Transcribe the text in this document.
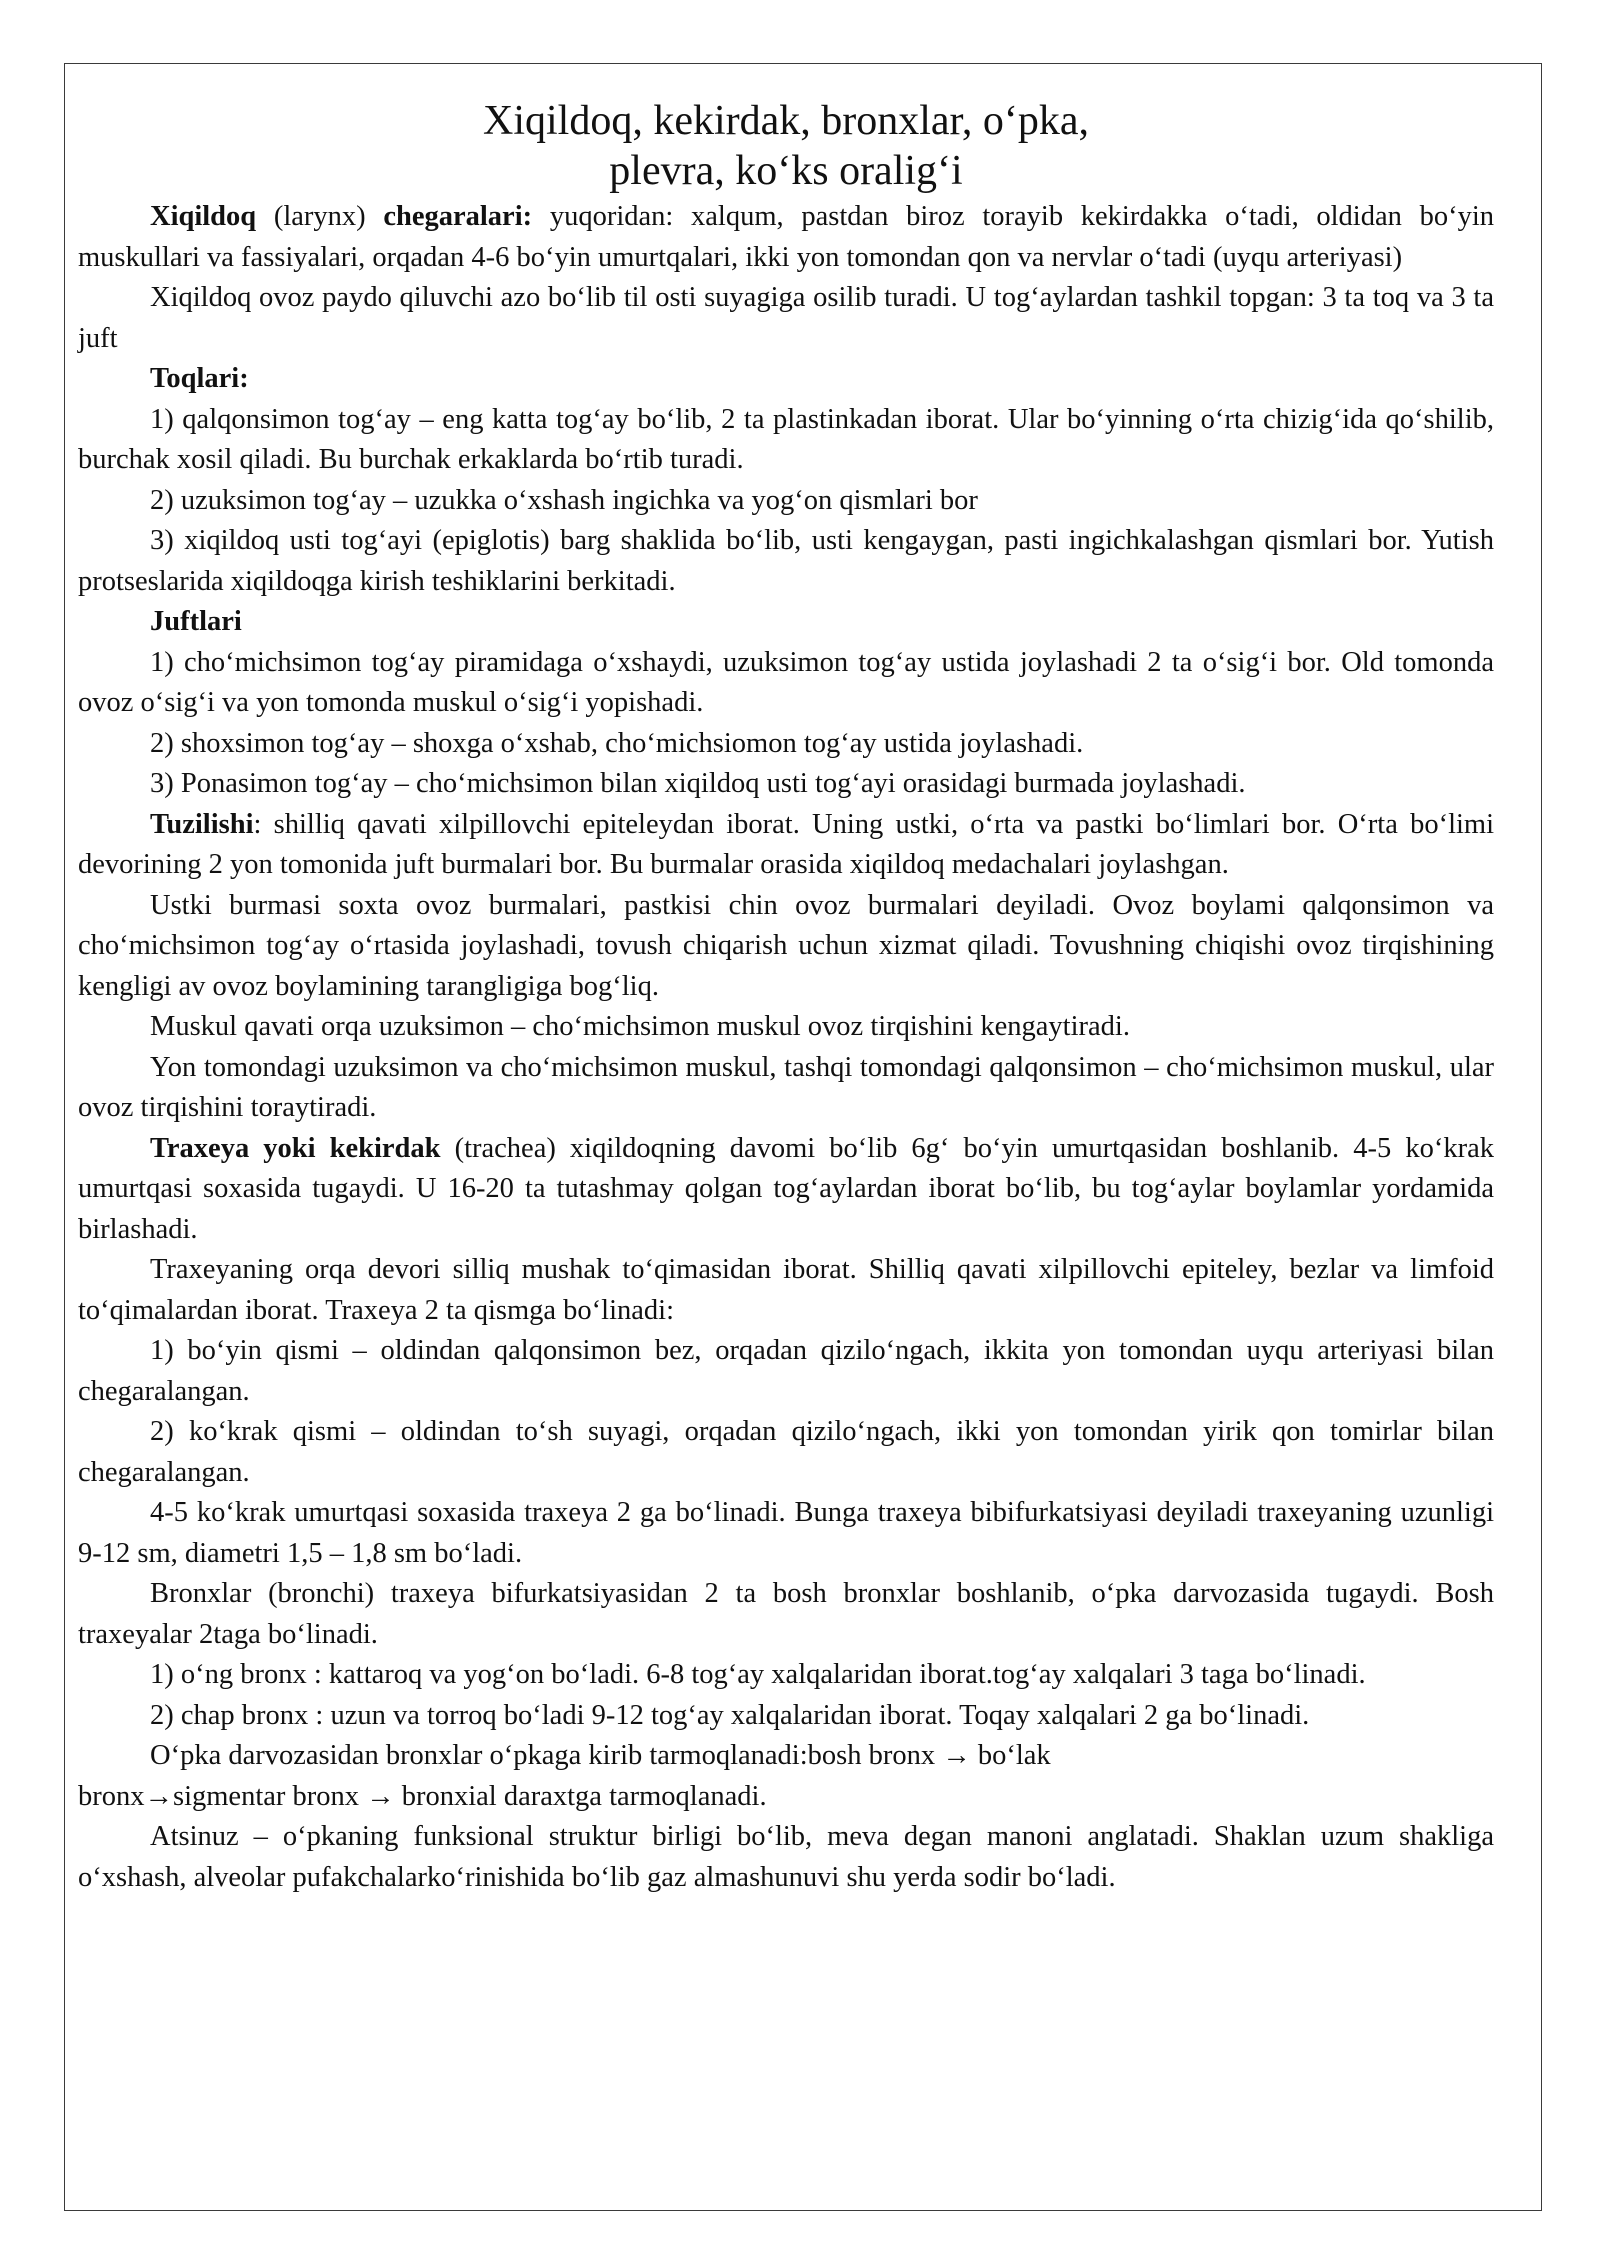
Xiqildoq, kekirdak, bronxlar, o‘pka,
plevra, ko‘ks oralig‘i

Xiqildoq (larynx) chegaralari: yuqoridan: xalqum, pastdan biroz torayib kekirdakka o‘tadi, oldidan bo‘yin muskullari va fassiyalari, orqadan 4-6 bo‘yin umurtqalari, ikki yon tomondan qon va nervlar o‘tadi (uyqu arteriyasi)

Xiqildoq ovoz paydo qiluvchi azo bo‘lib til osti suyagiga osilib turadi. U tog‘aylardan tashkil topgan: 3 ta toq va 3 ta juft

Toqlari:

1) qalqonsimon tog‘ay – eng katta tog‘ay bo‘lib, 2 ta plastinkadan iborat. Ular bo‘yinning o‘rta chizig‘ida qo‘shilib, burchak xosil qiladi. Bu burchak erkaklarda bo‘rtib turadi.

2) uzuksimon tog‘ay – uzukka o‘xshash ingichka va yog‘on qismlari bor

3) xiqildoq usti tog‘ayi (epiglotis) barg shaklida bo‘lib, usti kengaygan, pasti ingichkalashgan qismlari bor. Yutish protseslarida xiqildoqga kirish teshiklarini berkitadi.

Juftlari

1) cho‘michsimon tog‘ay piramidaga o‘xshaydi, uzuksimon tog‘ay ustida joylashadi 2 ta o‘sig‘i bor. Old tomonda ovoz o‘sig‘i va yon tomonda muskul o‘sig‘i yopishadi.

2) shoxsimon tog‘ay – shoxga o‘xshab, cho‘michsiomon tog‘ay ustida joylashadi.

3) Ponasimon tog‘ay – cho‘michsimon bilan xiqildoq usti tog‘ayi orasidagi burmada joylashadi.

Tuzilishi: shilliq qavati xilpillovchi epiteleydan iborat. Uning ustki, o‘rta va pastki bo‘limlari bor. O‘rta bo‘limi devorining 2 yon tomonida juft burmalari bor. Bu burmalar orasida xiqildoq medachalari joylashgan.

Ustki burmasi soxta ovoz burmalari, pastkisi chin ovoz burmalari deyiladi. Ovoz boylami qalqonsimon va cho‘michsimon tog‘ay o‘rtasida joylashadi, tovush chiqarish uchun xizmat qiladi. Tovushning chiqishi ovoz tirqishining kengligi av ovoz boylamining tarangligiga bog‘liq.

Muskul qavati orqa uzuksimon – cho‘michsimon muskul ovoz tirqishini kengaytiradi.

Yon tomondagi uzuksimon va cho‘michsimon muskul, tashqi tomondagi qalqonsimon – cho‘michsimon muskul, ular ovoz tirqishini toraytiradi.

Traxeya yoki kekirdak (trachea) xiqildoqning davomi bo‘lib 6g‘ bo‘yin umurtqasidan boshlanib. 4-5 ko‘krak umurtqasi soxasida tugaydi. U 16-20 ta tutashmay qolgan tog‘aylardan iborat bo‘lib, bu tog‘aylar boylamlar yordamida birlashadi.

Traxeyaning orqa devori silliq mushak to‘qimasidan iborat. Shilliq qavati xilpillovchi epiteley, bezlar va limfoid to‘qimalardan iborat. Traxeya 2 ta qismga bo‘linadi:

1) bo‘yin qismi – oldindan qalqonsimon bez, orqadan qizilo‘ngach, ikkita yon tomondan uyqu arteriyasi bilan chegaralangan.

2) ko‘krak qismi – oldindan to‘sh suyagi, orqadan qizilo‘ngach, ikki yon tomondan yirik qon tomirlar bilan chegaralangan.

4-5 ko‘krak umurtqasi soxasida traxeya 2 ga bo‘linadi. Bunga traxeya bibifurkatsiyasi deyiladi traxeyaning uzunligi 9-12 sm, diametri 1,5 – 1,8 sm bo‘ladi.

Bronxlar (bronchi) traxeya bifurkatsiyasidan 2 ta bosh bronxlar boshlanib, o‘pka darvozasida tugaydi. Bosh traxeyalar 2taga bo‘linadi.

1) o‘ng bronx : kattaroq va yog‘on bo‘ladi. 6-8 tog‘ay xalqalaridan iborat.tog‘ay xalqalari 3 taga bo‘linadi.

2) chap bronx : uzun va torroq bo‘ladi 9-12 tog‘ay xalqalaridan iborat. Toqay xalqalari 2 ga bo‘linadi.

O‘pka darvozasidan bronxlar o‘pkaga kirib tarmoqlanadi:bosh bronx → bo‘lak

bronx→sigmentar bronx → bronxial daraxtga tarmoqlanadi.

Atsinuz – o‘pkaning funksional struktur birligi bo‘lib, meva degan manoni anglatadi. Shaklan uzum shakliga o‘xshash, alveolar pufakchalarko‘rinishida bo‘lib gaz almashunuvi shu yerda sodir bo‘ladi.
